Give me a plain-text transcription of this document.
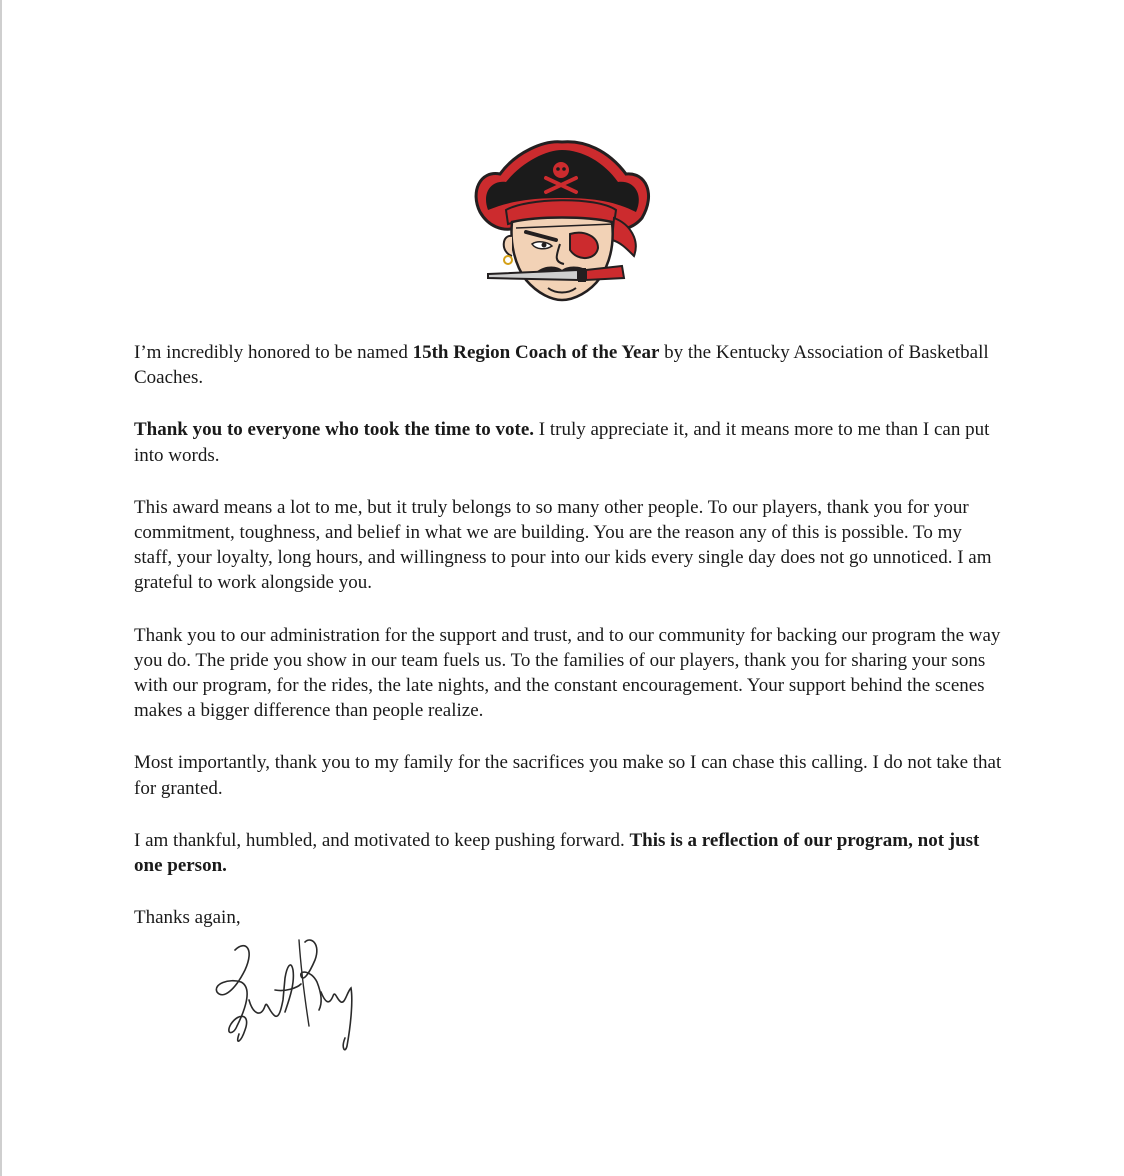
I’m incredibly honored to be named 15th Region Coach of the Year by the Kentucky Association of Basketball Coaches.

Thank you to everyone who took the time to vote. I truly appreciate it, and it means more to me than I can put into words.

This award means a lot to me, but it truly belongs to so many other people. To our players, thank you for your commitment, toughness, and belief in what we are building. You are the reason any of this is possible. To my staff, your loyalty, long hours, and willingness to pour into our kids every single day does not go unnoticed. I am grateful to work alongside you.

Thank you to our administration for the support and trust, and to our community for backing our program the way you do. The pride you show in our team fuels us. To the families of our players, thank you for sharing your sons with our program, for the rides, the late nights, and the constant encouragement. Your support behind the scenes makes a bigger difference than people realize.

Most importantly, thank you to my family for the sacrifices you make so I can chase this calling. I do not take that for granted.

I am thankful, humbled, and motivated to keep pushing forward. This is a reflection of our program, not just one person.

Thanks again,
